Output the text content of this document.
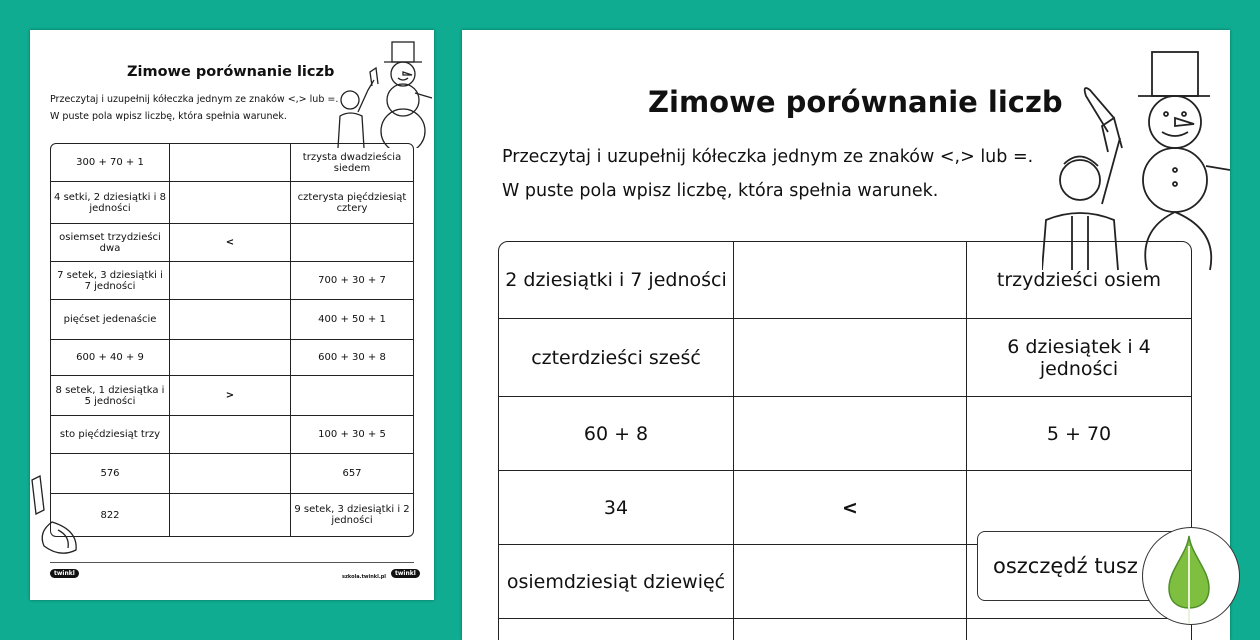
Zimowe porównanie liczb
Przeczytaj i uzupełnij kółeczka jednym ze znaków <,> lub =.
W puste pola wpisz liczbę, która spełnia warunek.
300 + 70 + 1		trzysta dwadzieścia siedem
4 setki, 2 dziesiątki i 8 jedności		czterysta pięćdziesiąt cztery
osiemset trzydzieści dwa	<	
7 setek, 3 dziesiątki i 7 jedności		700 + 30 + 7
pięćset jedenaście		400 + 50 + 1
600 + 40 + 9		600 + 30 + 8
8 setek, 1 dziesiątka i 5 jedności	>	
sto pięćdziesiąt trzy		100 + 30 + 5
576		657
822		9 setek, 3 dziesiątki i 2 jedności
twinkl	szkola.twinkl.pl	twinkl
Zimowe porównanie liczb
Przeczytaj i uzupełnij kółeczka jednym ze znaków <,> lub =.
W puste pola wpisz liczbę, która spełnia warunek.
2 dziesiątki i 7 jedności		trzydzieści osiem
czterdzieści sześć		6 dziesiątek i 4 jedności
60 + 8		5 + 70
34	<	
osiemdziesiąt dziewięć		

oszczędź tusz
